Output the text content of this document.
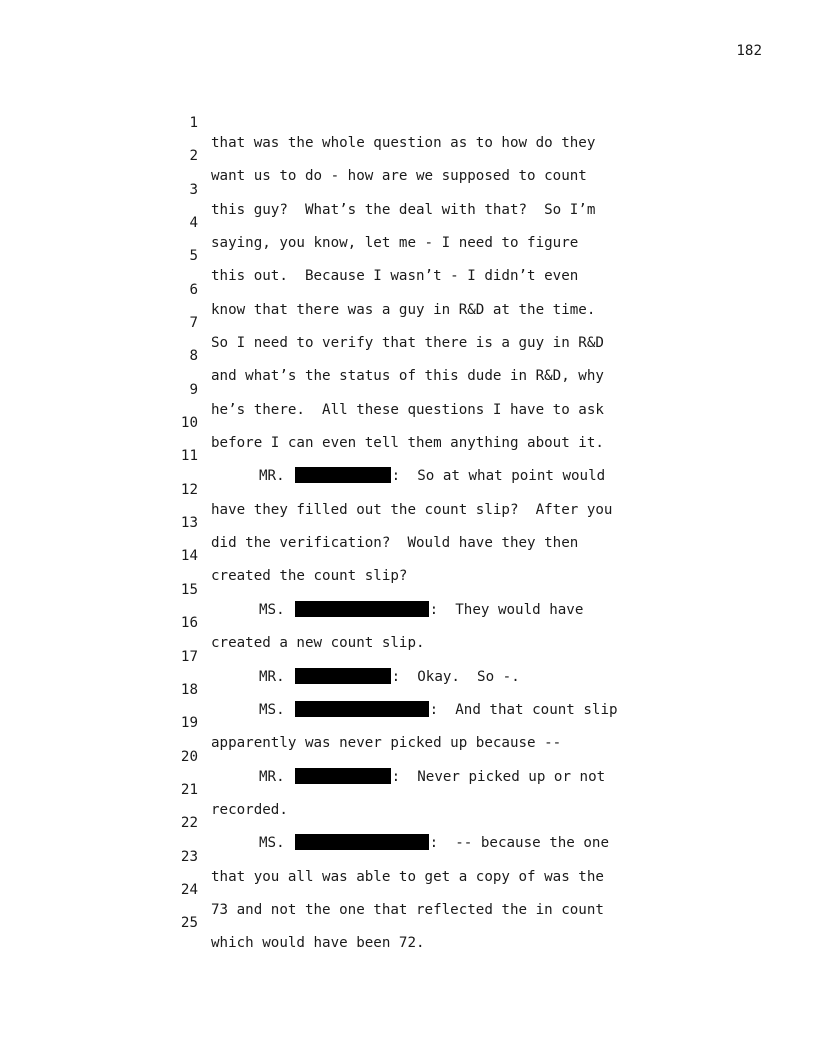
182

1

that was the whole question as to how do they

2

want us to do - how are we supposed to count

3

this guy?  What’s the deal with that?  So I’m

4

saying, you know, let me - I need to figure

5

this out.  Because I wasn’t - I didn’t even

6

know that there was a guy in R&D at the time.

7

So I need to verify that there is a guy in R&D

8

and what’s the status of this dude in R&D, why

9

he’s there.  All these questions I have to ask

10

before I can even tell them anything about it.

11

MR.	:  So at what point would

12

have they filled out the count slip?  After you

13

did the verification?  Would have they then

14

created the count slip?

15

MS.	:  They would have

16

created a new count slip.

17

MR.	:  Okay.  So -.

18

MS.	:  And that count slip

19

apparently was never picked up because --

20

MR.	:  Never picked up or not

21

recorded.

22

MS.	:  -- because the one

23

that you all was able to get a copy of was the

24

73 and not the one that reflected the in count

25

which would have been 72.
